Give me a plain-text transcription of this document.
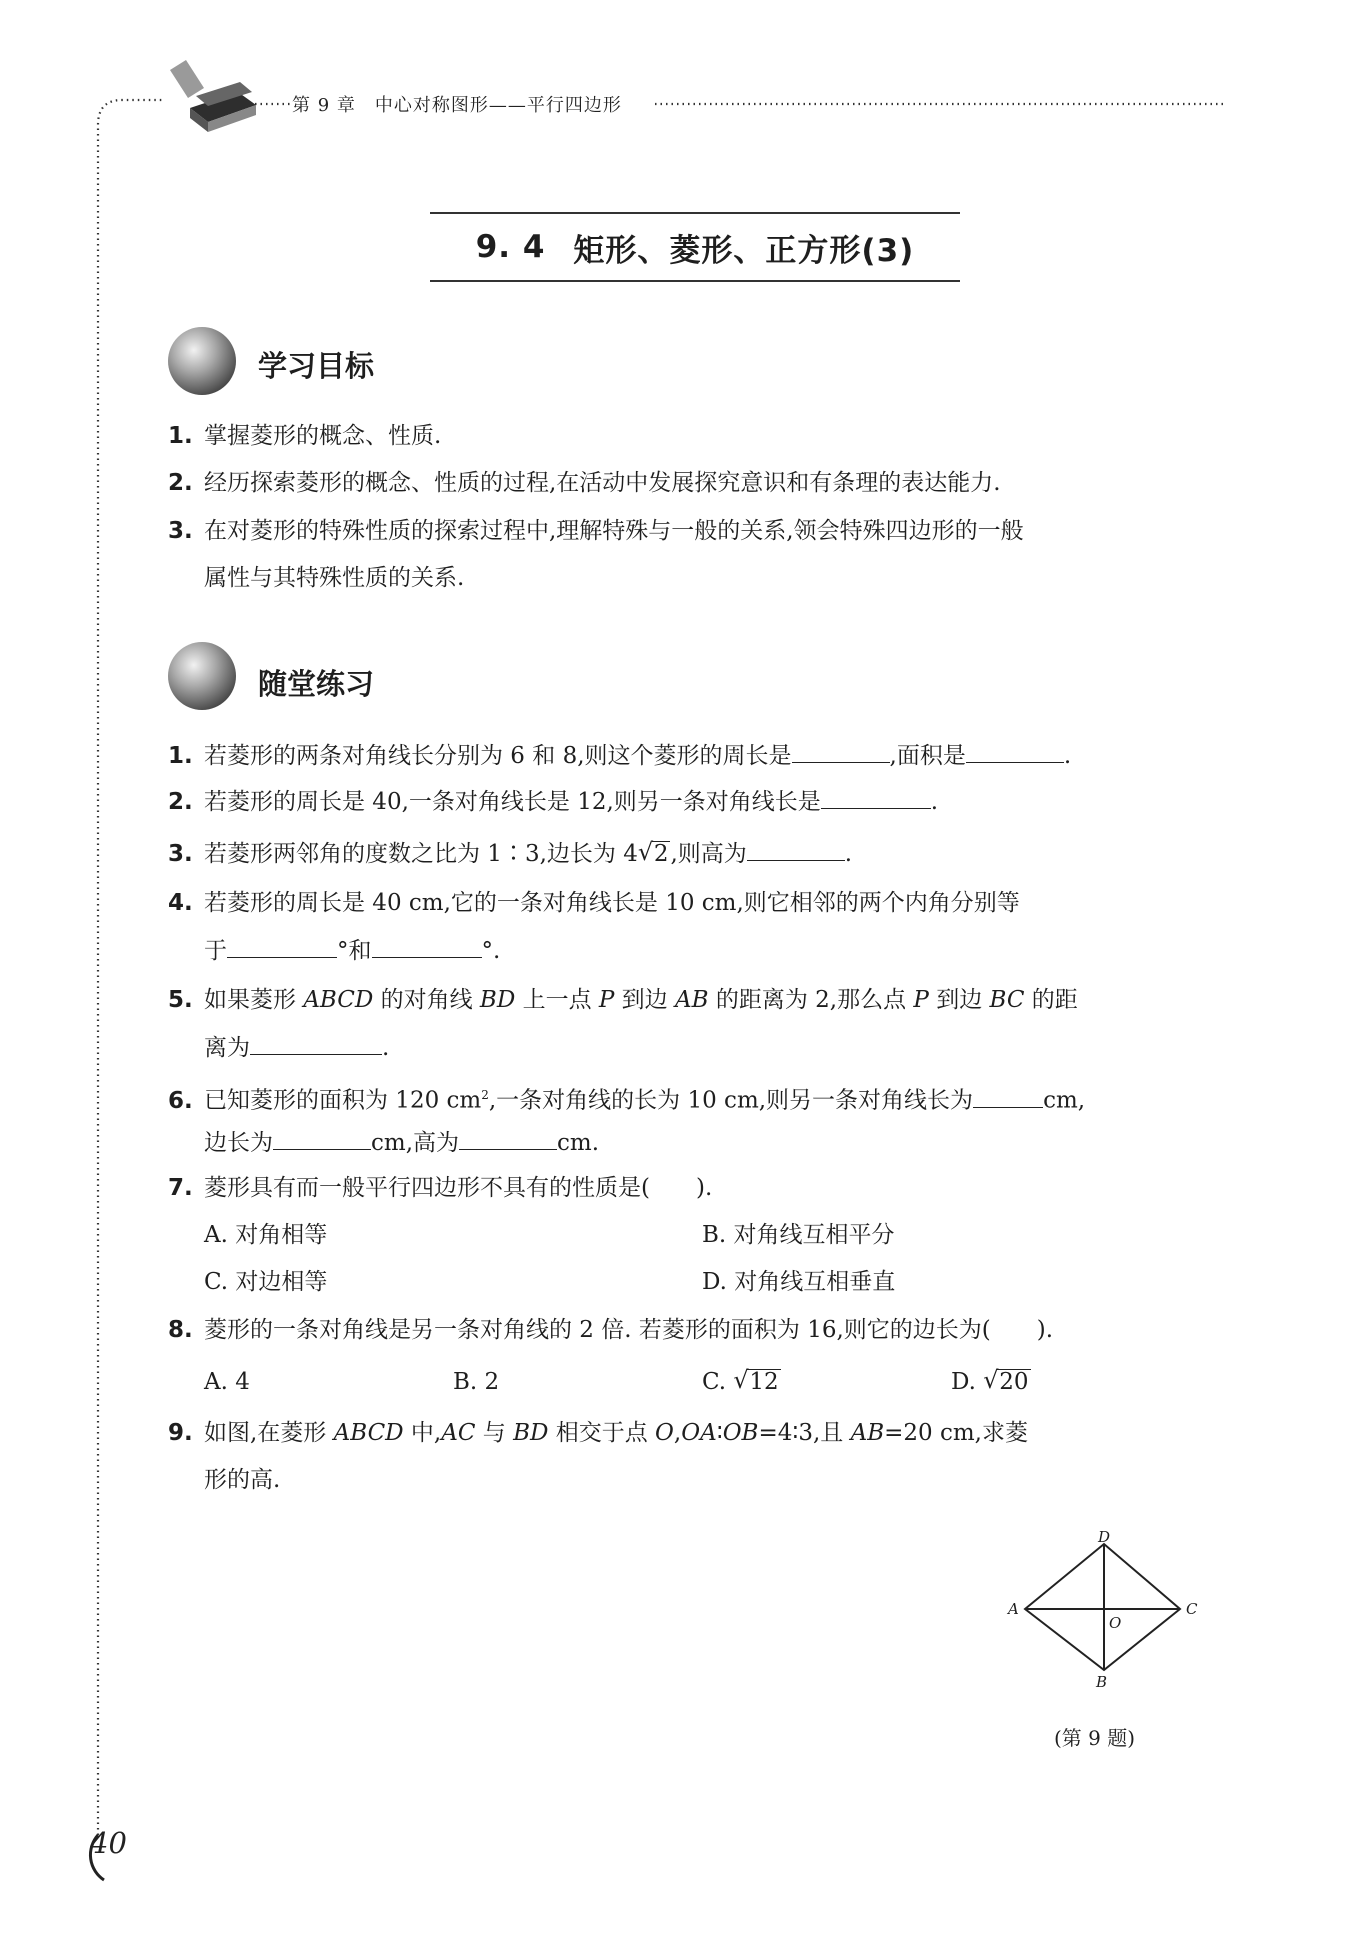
第 9 章　中心对称图形——平行四边形
9. 4 矩形、菱形、正方形(3)
学习目标
1. 掌握菱形的概念、性质.
2. 经历探索菱形的概念、性质的过程,在活动中发展探究意识和有条理的表达能力.
3. 在对菱形的特殊性质的探索过程中,理解特殊与一般的关系,领会特殊四边形的一般
属性与其特殊性质的关系.
随堂练习
1. 若菱形的两条对角线长分别为 6 和 8,则这个菱形的周长是	,面积是	.
2. 若菱形的周长是 40,一条对角线长是 12,则另一条对角线长是	.
3. 若菱形两邻角的度数之比为 1∶3,边长为 4 √ 2,则高为	.
4. 若菱形的周长是 40 cm,它的一条对角线长是 10 cm,则它相邻的两个内角分别等
于	°和	°.
5. 如果菱形 ABCD 的对角线 BD 上一点 P 到边 AB 的距离为 2,那么点 P 到边 BC 的距
离为	.
6. 已知菱形的面积为 120 $cm^2$,一条对角线的长为 10 cm,则另一条对角线长为	cm,
边长为	cm,高为	cm.
7. 菱形具有而一般平行四边形不具有的性质是(　　).
A. 对角相等	B. 对角线互相平分
C. 对边相等	D. 对角线互相垂直
8. 菱形的一条对角线是另一条对角线的 2 倍. 若菱形的面积为 16,则它的边长为(　　).
A. 4	B. 2	C. √ 12	D. √ 20
9. 如图,在菱形 ABCD 中,AC 与 BD 相交于点 O,OA∶OB=4∶3,且 AB=20 cm,求菱
形的高.
D
A	C
B
O
(第 9 题)
40
